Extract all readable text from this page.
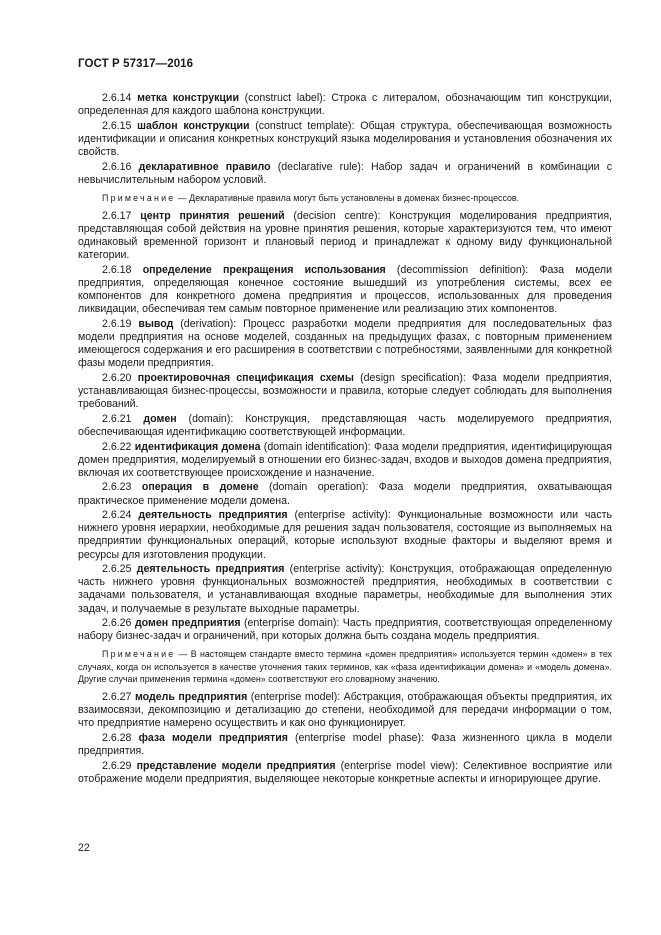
ГОСТ Р 57317—2016

2.6.14 метка конструкции (construct label): Строка с литералом, обозначающим тип конструкции, определенная для каждого шаблона конструкции.

2.6.15 шаблон конструкции (construct template): Общая структура, обеспечивающая возможность идентификации и описания конкретных конструкций языка моделирования и установления обозначения их свойств.

2.6.16 декларативное правило (declarative rule): Набор задач и ограничений в комбинации с невычислительным набором условий.

Примечание — Декларативные правила могут быть установлены в доменах бизнес-процессов.

2.6.17 центр принятия решений (decision centre): Конструкция моделирования предприятия, представляющая собой действия на уровне принятия решения, которые характеризуются тем, что имеют одинаковый временной горизонт и плановый период и принадлежат к одному виду функциональной категории.

2.6.18 определение прекращения использования (decommission definition): Фаза модели предприятия, определяющая конечное состояние вышедший из употребления системы, всех ее компонентов для конкретного домена предприятия и процессов, использованных для проведения ликвидации, обеспечивая тем самым повторное применение или реализацию этих компонентов.

2.6.19 вывод (derivation): Процесс разработки модели предприятия для последовательных фаз модели предприятия на основе моделей, созданных на предыдущих фазах, с повторным применением имеющегося содержания и его расширения в соответствии с потребностями, заявленными для конкретной фазы модели предприятия.

2.6.20 проектировочная спецификация схемы (design specification): Фаза модели предприятия, устанавливающая бизнес-процессы, возможности и правила, которые следует соблюдать для выполнения требований.

2.6.21 домен (domain): Конструкция, представляющая часть моделируемого предприятия, обеспечивающая идентификацию соответствующей информации.

2.6.22 идентификация домена (domain identification): Фаза модели предприятия, идентифицирующая домен предприятия, моделируемый в отношении его бизнес-задач, входов и выходов домена предприятия, включая их соответствующее происхождение и назначение.

2.6.23 операция в домене (domain operation): Фаза модели предприятия, охватывающая практическое применение модели домена.

2.6.24 деятельность предприятия (enterprise activity): Функциональные возможности или часть нижнего уровня иерархии, необходимые для решения задач пользователя, состоящие из выполняемых на предприятии функциональных операций, которые используют входные факторы и выделяют время и ресурсы для изготовления продукции.

2.6.25 деятельность предприятия (enterprise activity): Конструкция, отображающая определенную часть нижнего уровня функциональных возможностей предприятия, необходимых в соответствии с задачами пользователя, и устанавливающая входные параметры, необходимые для выполнения этих задач, и получаемые в результате выходные параметры.

2.6.26 домен предприятия (enterprise domain): Часть предприятия, соответствующая определенному набору бизнес-задач и ограничений, при которых должна быть создана модель предприятия.

Примечание — В настоящем стандарте вместо термина «домен предприятия» используется термин «домен» в тех случаях, когда он используется в качестве уточнения таких терминов, как «фаза идентификации домена» и «модель домена». Другие случаи применения термина «домен» соответствуют его словарному значению.

2.6.27 модель предприятия (enterprise model): Абстракция, отображающая объекты предприятия, их взаимосвязи, декомпозицию и детализацию до степени, необходимой для передачи информации о том, что предприятие намерено осуществить и как оно функционирует.

2.6.28 фаза модели предприятия (enterprise model phase): Фаза жизненного цикла в модели предприятия.

2.6.29 представление модели предприятия (enterprise model view): Селективное восприятие или отображение модели предприятия, выделяющее некоторые конкретные аспекты и игнорирующее другие.

22
